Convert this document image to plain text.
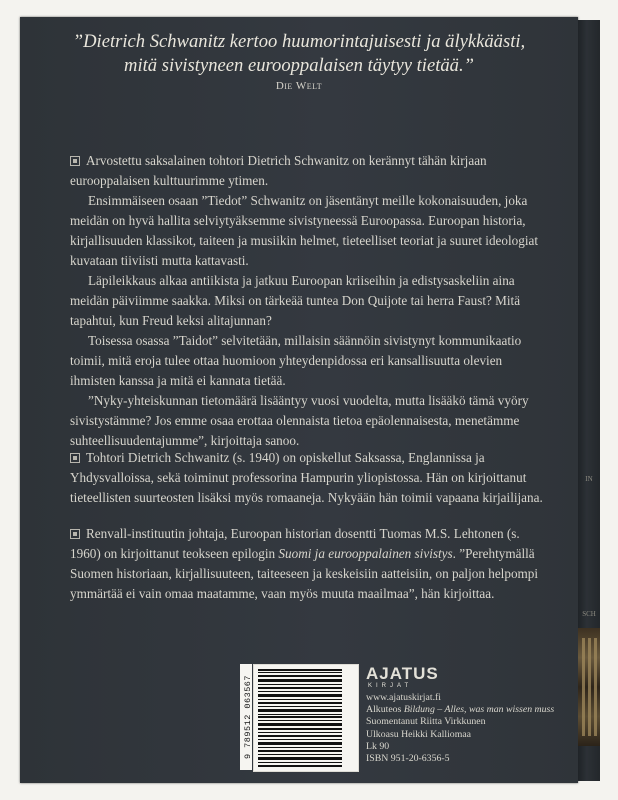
IN
SCH
”Dietrich Schwanitz kertoo huumorintajuisesti ja älykkäästi,
mitä sivistyneen eurooppalaisen täytyy tietää.”
Die Welt
Arvostettu saksalainen tohtori Dietrich Schwanitz on kerännyt tähän kirjaan eurooppalaisen kulttuurimme ytimen.
Ensimmäiseen osaan ”Tiedot” Schwanitz on jäsentänyt meille kokonaisuuden, joka meidän on hyvä hallita selviytyäksemme sivistyneessä Euroopassa. Euroopan historia, kirjallisuuden klassikot, taiteen ja musiikin helmet, tieteelliset teoriat ja suuret ideologiat kuvataan tiiviisti mutta kattavasti.
Läpileikkaus alkaa antiikista ja jatkuu Euroopan kriiseihin ja edistysaskeliin aina meidän päiviimme saakka. Miksi on tärkeää tuntea Don Quijote tai herra Faust? Mitä tapahtui, kun Freud keksi alitajunnan?
Toisessa osassa ”Taidot” selvitetään, millaisin säännöin sivistynyt kommunikaatio toimii, mitä eroja tulee ottaa huomioon yhteydenpidossa eri kansallisuutta olevien ihmisten kanssa ja mitä ei kannata tietää.
”Nyky-yhteiskunnan tietomäärä lisääntyy vuosi vuodelta, mutta lisääkö tämä vyöry sivistystämme? Jos emme osaa erottaa olennaista tietoa epäolennaisesta, menetämme suhteellisuudentajumme”, kirjoittaja sanoo.
Tohtori Dietrich Schwanitz (s. 1940) on opiskellut Saksassa, Englannissa ja Yhdysvalloissa, sekä toiminut professorina Hampurin yliopistossa. Hän on kirjoittanut tieteellisten suurteosten lisäksi myös romaaneja. Nykyään hän toimii vapaana kirjailijana.
Renvall-instituutin johtaja, Euroopan historian dosentti Tuomas M.S. Lehtonen (s. 1960) on kirjoittanut teokseen epilogin Suomi ja eurooppalainen sivistys. ”Perehtymällä Suomen historiaan, kirjallisuuteen, taiteeseen ja keskeisiin aatteisiin, on paljon helpompi ymmärtää ei vain omaa maatamme, vaan myös muuta maailmaa”, hän kirjoittaa.
9 789512 063567
AJATUS
KIRJAT
www.ajatuskirjat.fi
Alkuteos Bildung – Alles, was man wissen muss
Suomentanut Riitta Virkkunen
Ulkoasu Heikki Kalliomaa
Lk 90
ISBN 951-20-6356-5
